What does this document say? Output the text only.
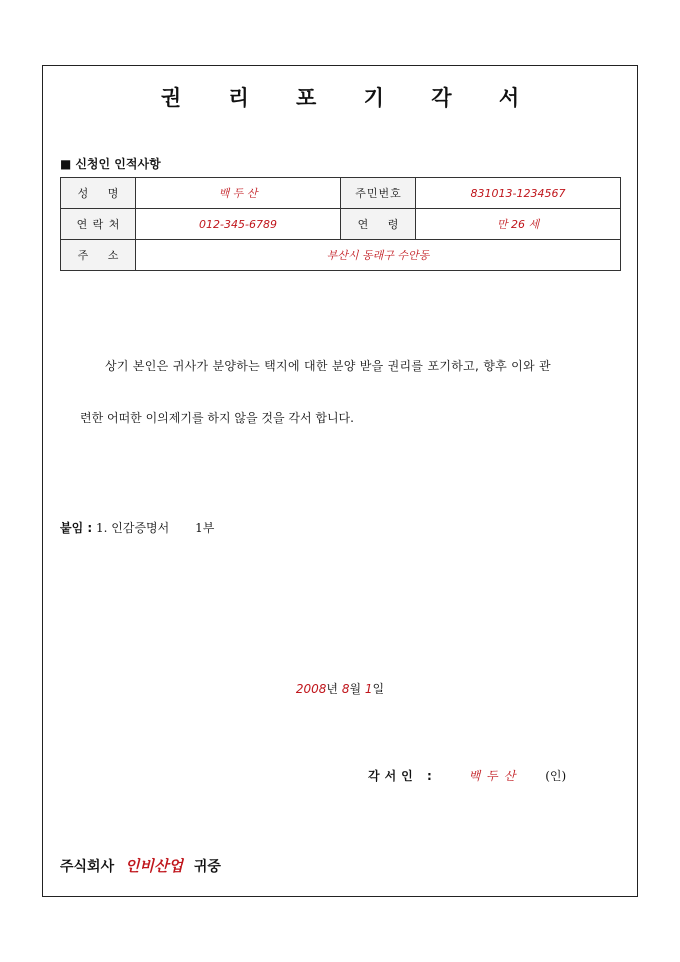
권 리 포 기 각 서
■ 신청인 인적사항
성 명	백 두 산	주민번호	831013-1234567
연 락 처	012-345-6789	연 령	만 26 세
주 소	부산시 동래구 수안동		
상기 본인은 귀사가 분양하는 택지에 대한 분양 받을 권리를 포기하고, 향후 이와 관
련한 어떠한 이의제기를 하지 않을 것을 각서 합니다.
붙임 : 1. 인감증명서 1부
2008년 8월 1일
각서인 :	백두산 (인)
주식회사 인비산업 귀중
